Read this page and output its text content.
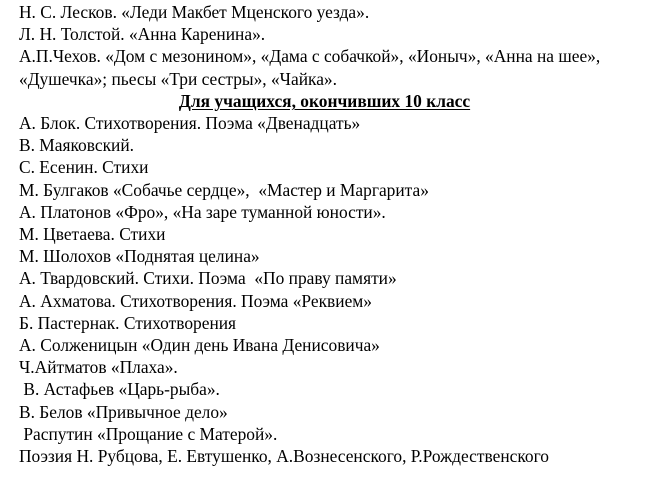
Н. С. Лесков. «Леди Макбет Мценского уезда».

Л. Н. Толстой. «Анна Каренина».

А.П.Чехов. «Дом с мезонином», «Дама с собачкой», «Ионыч», «Анна на шее», «Душечка»; пьесы «Три сестры», «Чайка».

Для учащихся, окончивших 10 класс

А. Блок. Стихотворения. Поэма «Двенадцать»

В. Маяковский.

С. Есенин. Стихи

М. Булгаков «Собачье сердце»,  «Мастер и Маргарита»

А. Платонов «Фро», «На заре туманной юности».

М. Цветаева. Стихи

М. Шолохов «Поднятая целина»

А. Твардовский. Стихи. Поэма  «По праву памяти»

А. Ахматова. Стихотворения. Поэма «Реквием»

Б. Пастернак. Стихотворения

А. Солженицын «Один день Ивана Денисовича»

Ч.Айтматов «Плаха».

В. Астафьев «Царь-рыба».

В. Белов «Привычное дело»

Распутин «Прощание с Матерой».

Поэзия Н. Рубцова, Е. Евтушенко, А.Вознесенского, Р.Рождественского
